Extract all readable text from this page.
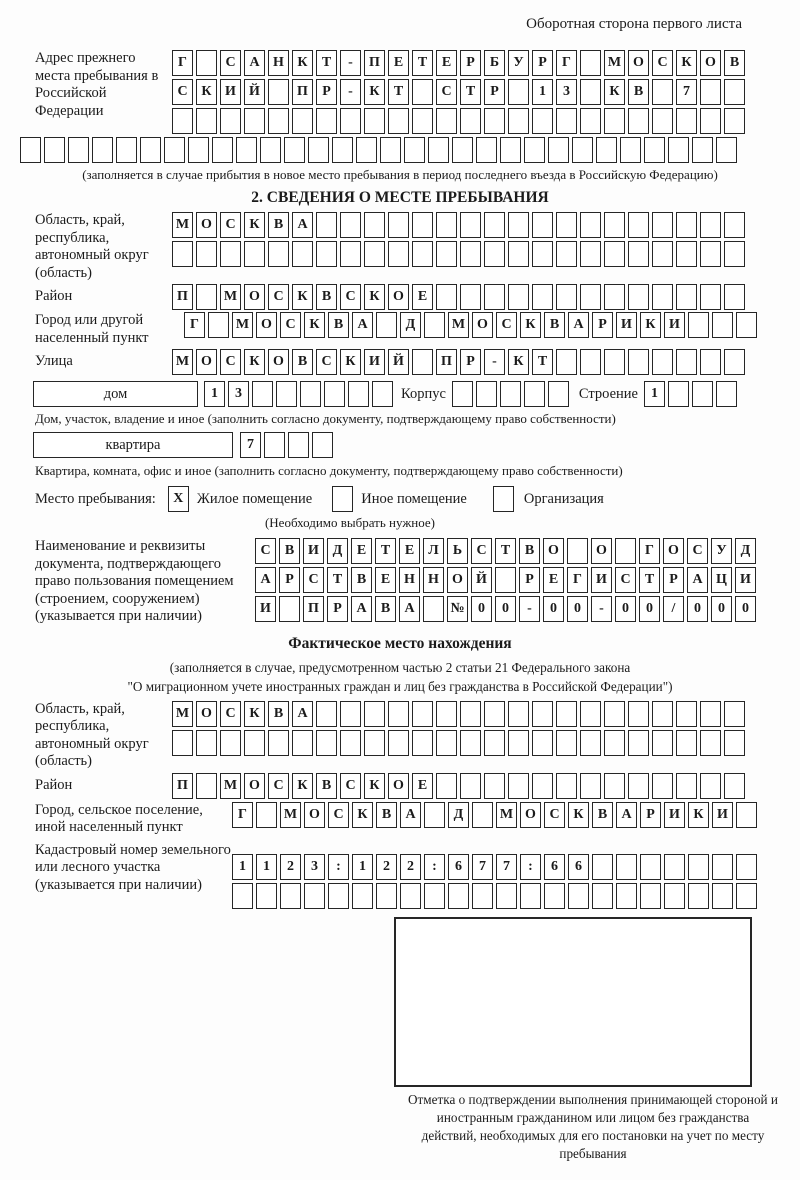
Оборотная сторона первого листа
Адрес прежнего места пребывания в Российской Федерации
Г	С А Н К	Т	-	П Е	Т	Е	Р	Б	У	Р	Г	М О С К О В
С К И Й	П	Р	-	К	Т	С	Т	Р	1	3	К	В	7
(заполняется в случае прибытия в новое место пребывания в период последнего въезда в Российскую Федерацию)
2. СВЕДЕНИЯ О МЕСТЕ ПРЕБЫВАНИЯ
Область, край, республика, автономный округ (область)
М О С К	В	А
Район	П	М О С К	В	С К О Е
Город или другой населенный пункт
Г	М О С К	В	А	Д	М О С К	В	А	Р	И К И
Улица	М О С К О В	С К И Й	П	Р	-	К	Т
дом	1	3	Корпус	Строение 1
Дом, участок, владение и иное (заполнить согласно документу, подтверждающему право собственности)
квартира	7
Квартира, комната, офис и иное (заполнить согласно документу, подтверждающему право собственности)
Место пребывания:	X Жилое помещение	Иное помещение	Организация
(Необходимо выбрать нужное)
Наименование и реквизиты документа, подтверждающего право пользования помещением (строением, сооружением) (указывается при наличии)
С	В И Д	Е	Т	Е	Л	Ь	С	Т	В О	О	Г	О С У	Д
А	Р	С	Т	В	Е Н Н О Й	Р	Е	Г	И С	Т	Р	А Ц И
И	П	Р	А	В	А	№ 0	0	-	0	0	-	0	0	/	0	0	0
Фактическое место нахождения
(заполняется в случае, предусмотренном частью 2 статьи 21 Федерального закона
"О миграционном учете иностранных граждан и лиц без гражданства в Российской Федерации")
Область, край, республика, автономный округ (область)
М О С К	В	А
Район	П	М О С К	В	С К О Е
Город, сельское поселение, иной населенный пункт
Г	М О С К	В	А	Д	М О С К	В	А	Р	И К И
Кадастровый номер земельного или лесного участка (указывается при наличии)
1	1	2	3	:	1	2	2	:	6	7	7	:	6	6
Отметка о подтверждении выполнения принимающей стороной и иностранным гражданином или лицом без гражданства действий, необходимых для его постановки на учет по месту пребывания
